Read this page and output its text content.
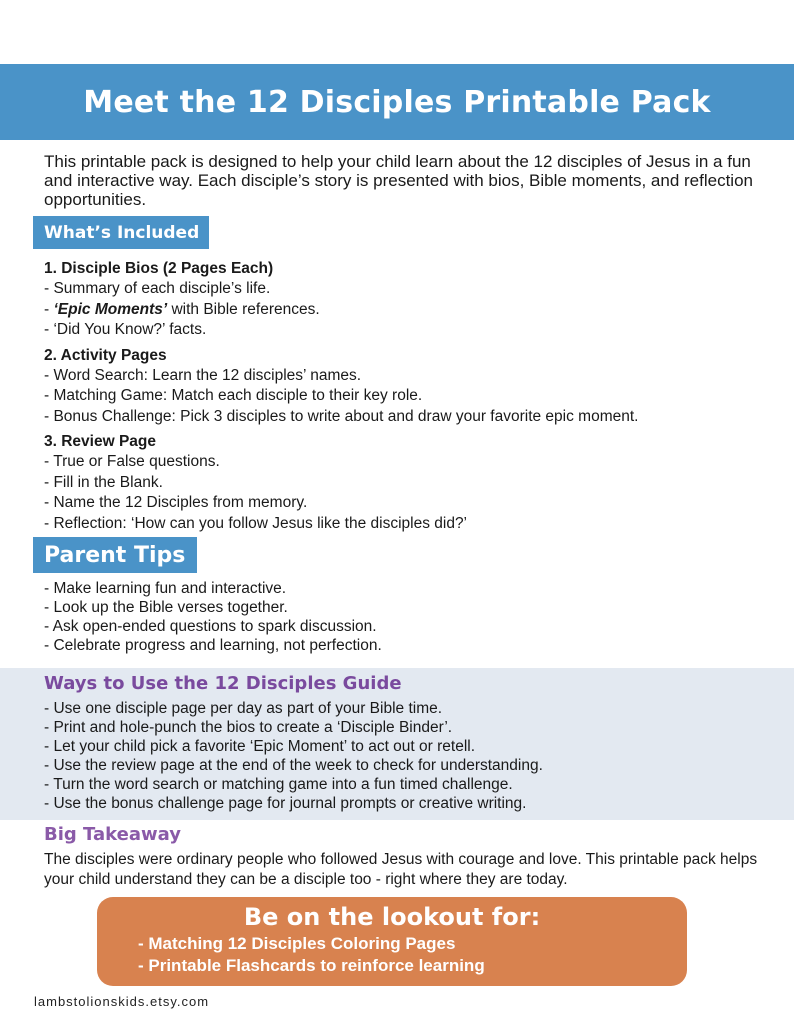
Meet the 12 Disciples Printable Pack

This printable pack is designed to help your child learn about the 12 disciples of Jesus in a fun and interactive way. Each disciple’s story is presented with bios, Bible moments, and reflection opportunities.

What’s Included
1. Disciple Bios (2 Pages Each)
- Summary of each disciple’s life.
- ‘Epic Moments’ with Bible references.
- ‘Did You Know?’ facts.
2. Activity Pages
- Word Search: Learn the 12 disciples’ names.
- Matching Game: Match each disciple to their key role.
- Bonus Challenge: Pick 3 disciples to write about and draw your favorite epic moment.
3. Review Page
- True or False questions.
- Fill in the Blank.
- Name the 12 Disciples from memory.
- Reflection: ‘How can you follow Jesus like the disciples did?’
Parent Tips
- Make learning fun and interactive.
- Look up the Bible verses together.
- Ask open-ended questions to spark discussion.
- Celebrate progress and learning, not perfection.

Ways to Use the 12 Disciples Guide

- Use one disciple page per day as part of your Bible time.
- Print and hole-punch the bios to create a ‘Disciple Binder’.
- Let your child pick a favorite ‘Epic Moment’ to act out or retell.
- Use the review page at the end of the week to check for understanding.
- Turn the word search or matching game into a fun timed challenge.
- Use the bonus challenge page for journal prompts or creative writing.

Big Takeaway

The disciples were ordinary people who followed Jesus with courage and love. This printable pack helps your child understand they can be a disciple too - right where they are today.

Be on the lookout for:
- Matching 12 Disciples Coloring Pages
- Printable Flashcards to reinforce learning
lambstolionskids.etsy.com
